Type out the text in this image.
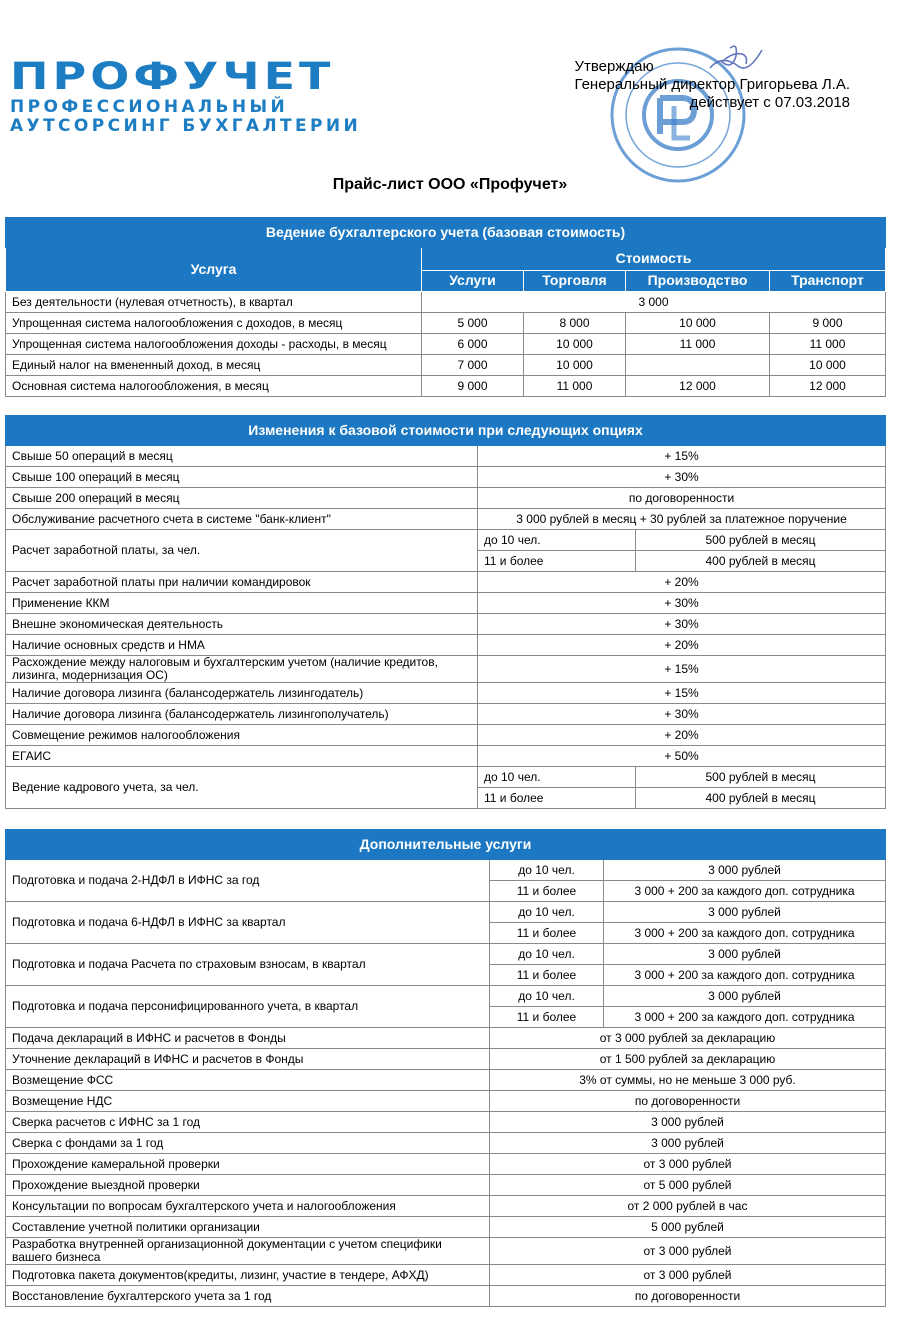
ПРОФУЧЕТ
ПРОФЕССИОНАЛЬНЫЙ
АУТСОРСИНГ БУХГАЛТЕРИИ
Утверждаю
Генеральный директор Григорьева Л.А.
действует с 07.03.2018
Прайс-лист ООО «Профучет»
Ведение бухгалтерского учета (базовая стоимость)				
Услуга	Стоимость			
	Услуги	Торговля	Производство	Транспорт
Без деятельности (нулевая отчетность), в квартал	3 000			
Упрощенная система налогообложения с доходов, в месяц	5 000	8 000	10 000	9 000
Упрощенная система налогообложения доходы - расходы, в месяц	6 000	10 000	11 000	11 000
Единый налог на вмененный доход, в месяц	7 000	10 000		10 000
Основная система налогообложения, в месяц	9 000	11 000	12 000	12 000
Изменения к базовой стоимости при следующих опциях		
Свыше 50 операций в месяц	+ 15%	
Свыше 100 операций в месяц	+ 30%	
Свыше 200 операций в месяц	по договоренности	
Обслуживание расчетного счета в системе "банк-клиент"	3 000 рублей в месяц + 30 рублей за платежное поручение	
Расчет заработной платы, за чел.	до 10 чел.	500 рублей в месяц
	11 и более	400 рублей в месяц
Расчет заработной платы при наличии командировок	+ 20%	
Применение ККМ	+ 30%	
Внешне экономическая деятельность	+ 30%	
Наличие основных средств и НМА	+ 20%	
Расхождение между налоговым и бухгалтерским учетом (наличие кредитов, лизинга, модернизация ОС)	+ 15%	
Наличие договора лизинга (балансодержатель лизингодатель)	+ 15%	
Наличие договора лизинга (балансодержатель лизингополучатель)	+ 30%	
Совмещение режимов налогообложения	+ 20%	
ЕГАИС	+ 50%	
Ведение кадрового учета, за чел.	до 10 чел.	500 рублей в месяц
	11 и более	400 рублей в месяц
Дополнительные услуги		
Подготовка и подача 2-НДФЛ в ИФНС за год	до 10 чел.	3 000 рублей
	11 и более	3 000 + 200 за каждого доп. сотрудника
Подготовка и подача 6-НДФЛ в ИФНС за квартал	до 10 чел.	3 000 рублей
	11 и более	3 000 + 200 за каждого доп. сотрудника
Подготовка и подача Расчета по страховым взносам, в квартал	до 10 чел.	3 000 рублей
	11 и более	3 000 + 200 за каждого доп. сотрудника
Подготовка и подача персонифицированного учета, в квартал	до 10 чел.	3 000 рублей
	11 и более	3 000 + 200 за каждого доп. сотрудника
Подача деклараций в ИФНС и расчетов в Фонды	от 3 000 рублей за декларацию	
Уточнение деклараций в ИФНС и расчетов в Фонды	от 1 500 рублей за декларацию	
Возмещение ФСС	3% от суммы, но не меньше 3 000 руб.	
Возмещение НДС	по договоренности	
Сверка расчетов с ИФНС за 1 год	3 000 рублей	
Сверка с фондами за 1 год	3 000 рублей	
Прохождение камеральной проверки	от 3 000 рублей	
Прохождение выездной проверки	от 5 000 рублей	
Консультации по вопросам бухгалтерского учета и налогообложения	от 2 000 рублей в час	
Составление учетной политики организации	5 000 рублей	
Разработка внутренней организационной документации с учетом специфики вашего бизнеса	от 3 000 рублей	
Подготовка пакета документов(кредиты, лизинг, участие в тендере, АФХД)	от 3 000 рублей	
Восстановление бухгалтерского учета за 1 год	по договоренности	
